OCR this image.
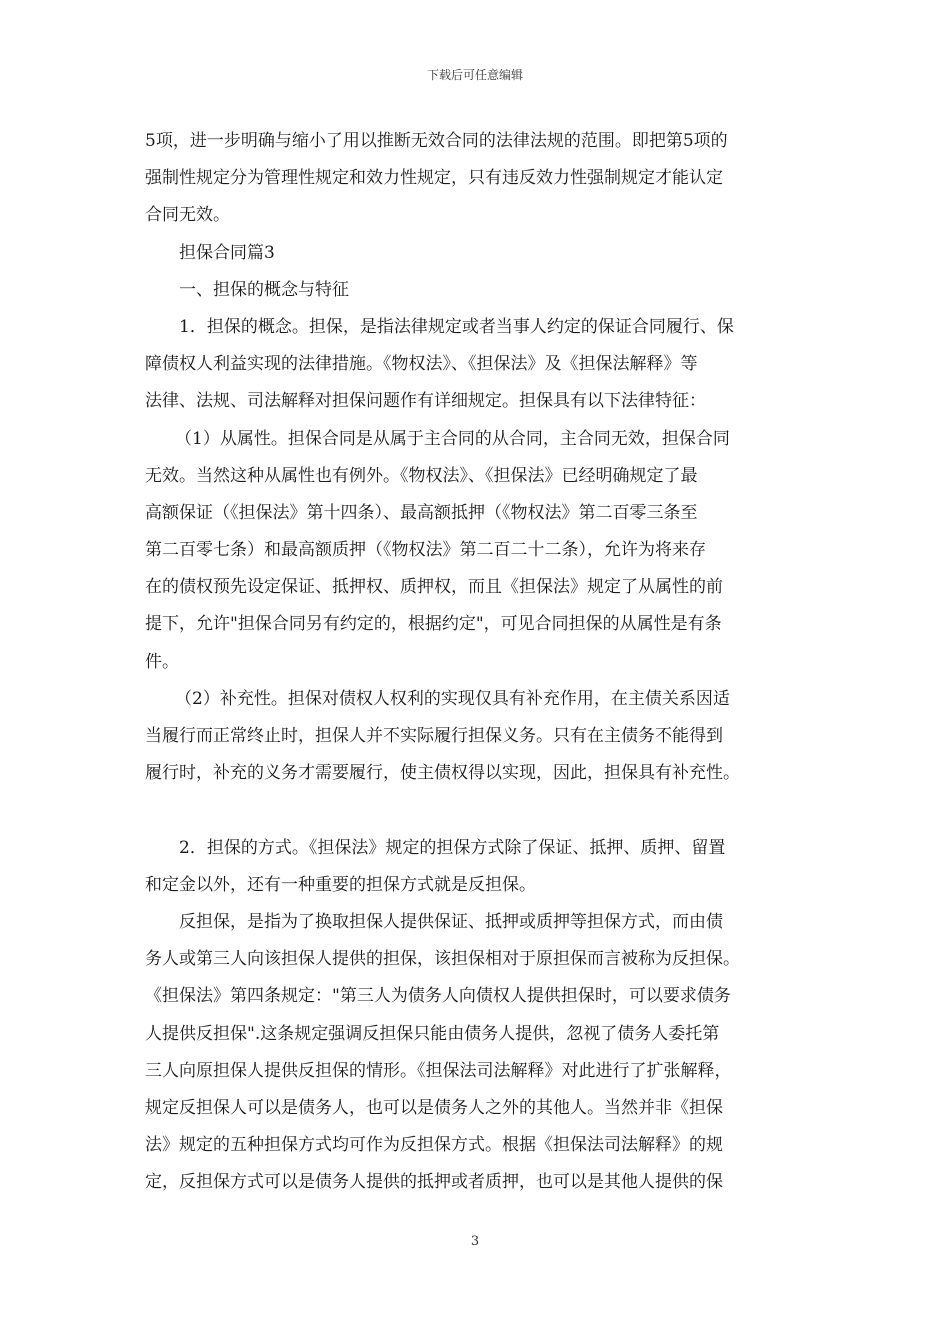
下载后可任意编辑
5项，进一步明确与缩小了用以推断无效合同的法律法规的范围。即把第5项的
强制性规定分为管理性规定和效力性规定，只有违反效力性强制规定才能认定
合同无效。
担保合同篇3
一、担保的概念与特征
1．担保的概念。担保，是指法律规定或者当事人约定的保证合同履行、保
障债权人利益实现的法律措施。《物权法》、《担保法》及《担保法解释》等
法律、法规、司法解释对担保问题作有详细规定。担保具有以下法律特征：
（1）从属性。担保合同是从属于主合同的从合同，主合同无效，担保合同
无效。当然这种从属性也有例外。《物权法》、《担保法》已经明确规定了最
高额保证（《担保法》第十四条）、最高额抵押（《物权法》第二百零三条至
第二百零七条）和最高额质押（《物权法》第二百二十二条），允许为将来存
在的债权预先设定保证、抵押权、质押权，而且《担保法》规定了从属性的前
提下，允许"担保合同另有约定的，根据约定"，可见合同担保的从属性是有条
件。
（2）补充性。担保对债权人权利的实现仅具有补充作用，在主债关系因适
当履行而正常终止时，担保人并不实际履行担保义务。只有在主债务不能得到
履行时，补充的义务才需要履行，使主债权得以实现，因此，担保具有补充性。
2．担保的方式。《担保法》规定的担保方式除了保证、抵押、质押、留置
和定金以外，还有一种重要的担保方式就是反担保。
反担保，是指为了换取担保人提供保证、抵押或质押等担保方式，而由债
务人或第三人向该担保人提供的担保，该担保相对于原担保而言被称为反担保。
《担保法》第四条规定："第三人为债务人向债权人提供担保时，可以要求债务
人提供反担保".这条规定强调反担保只能由债务人提供，忽视了债务人委托第
三人向原担保人提供反担保的情形。《担保法司法解释》对此进行了扩张解释，
规定反担保人可以是债务人，也可以是债务人之外的其他人。当然并非《担保
法》规定的五种担保方式均可作为反担保方式。根据《担保法司法解释》的规
定，反担保方式可以是债务人提供的抵押或者质押，也可以是其他人提供的保
3
